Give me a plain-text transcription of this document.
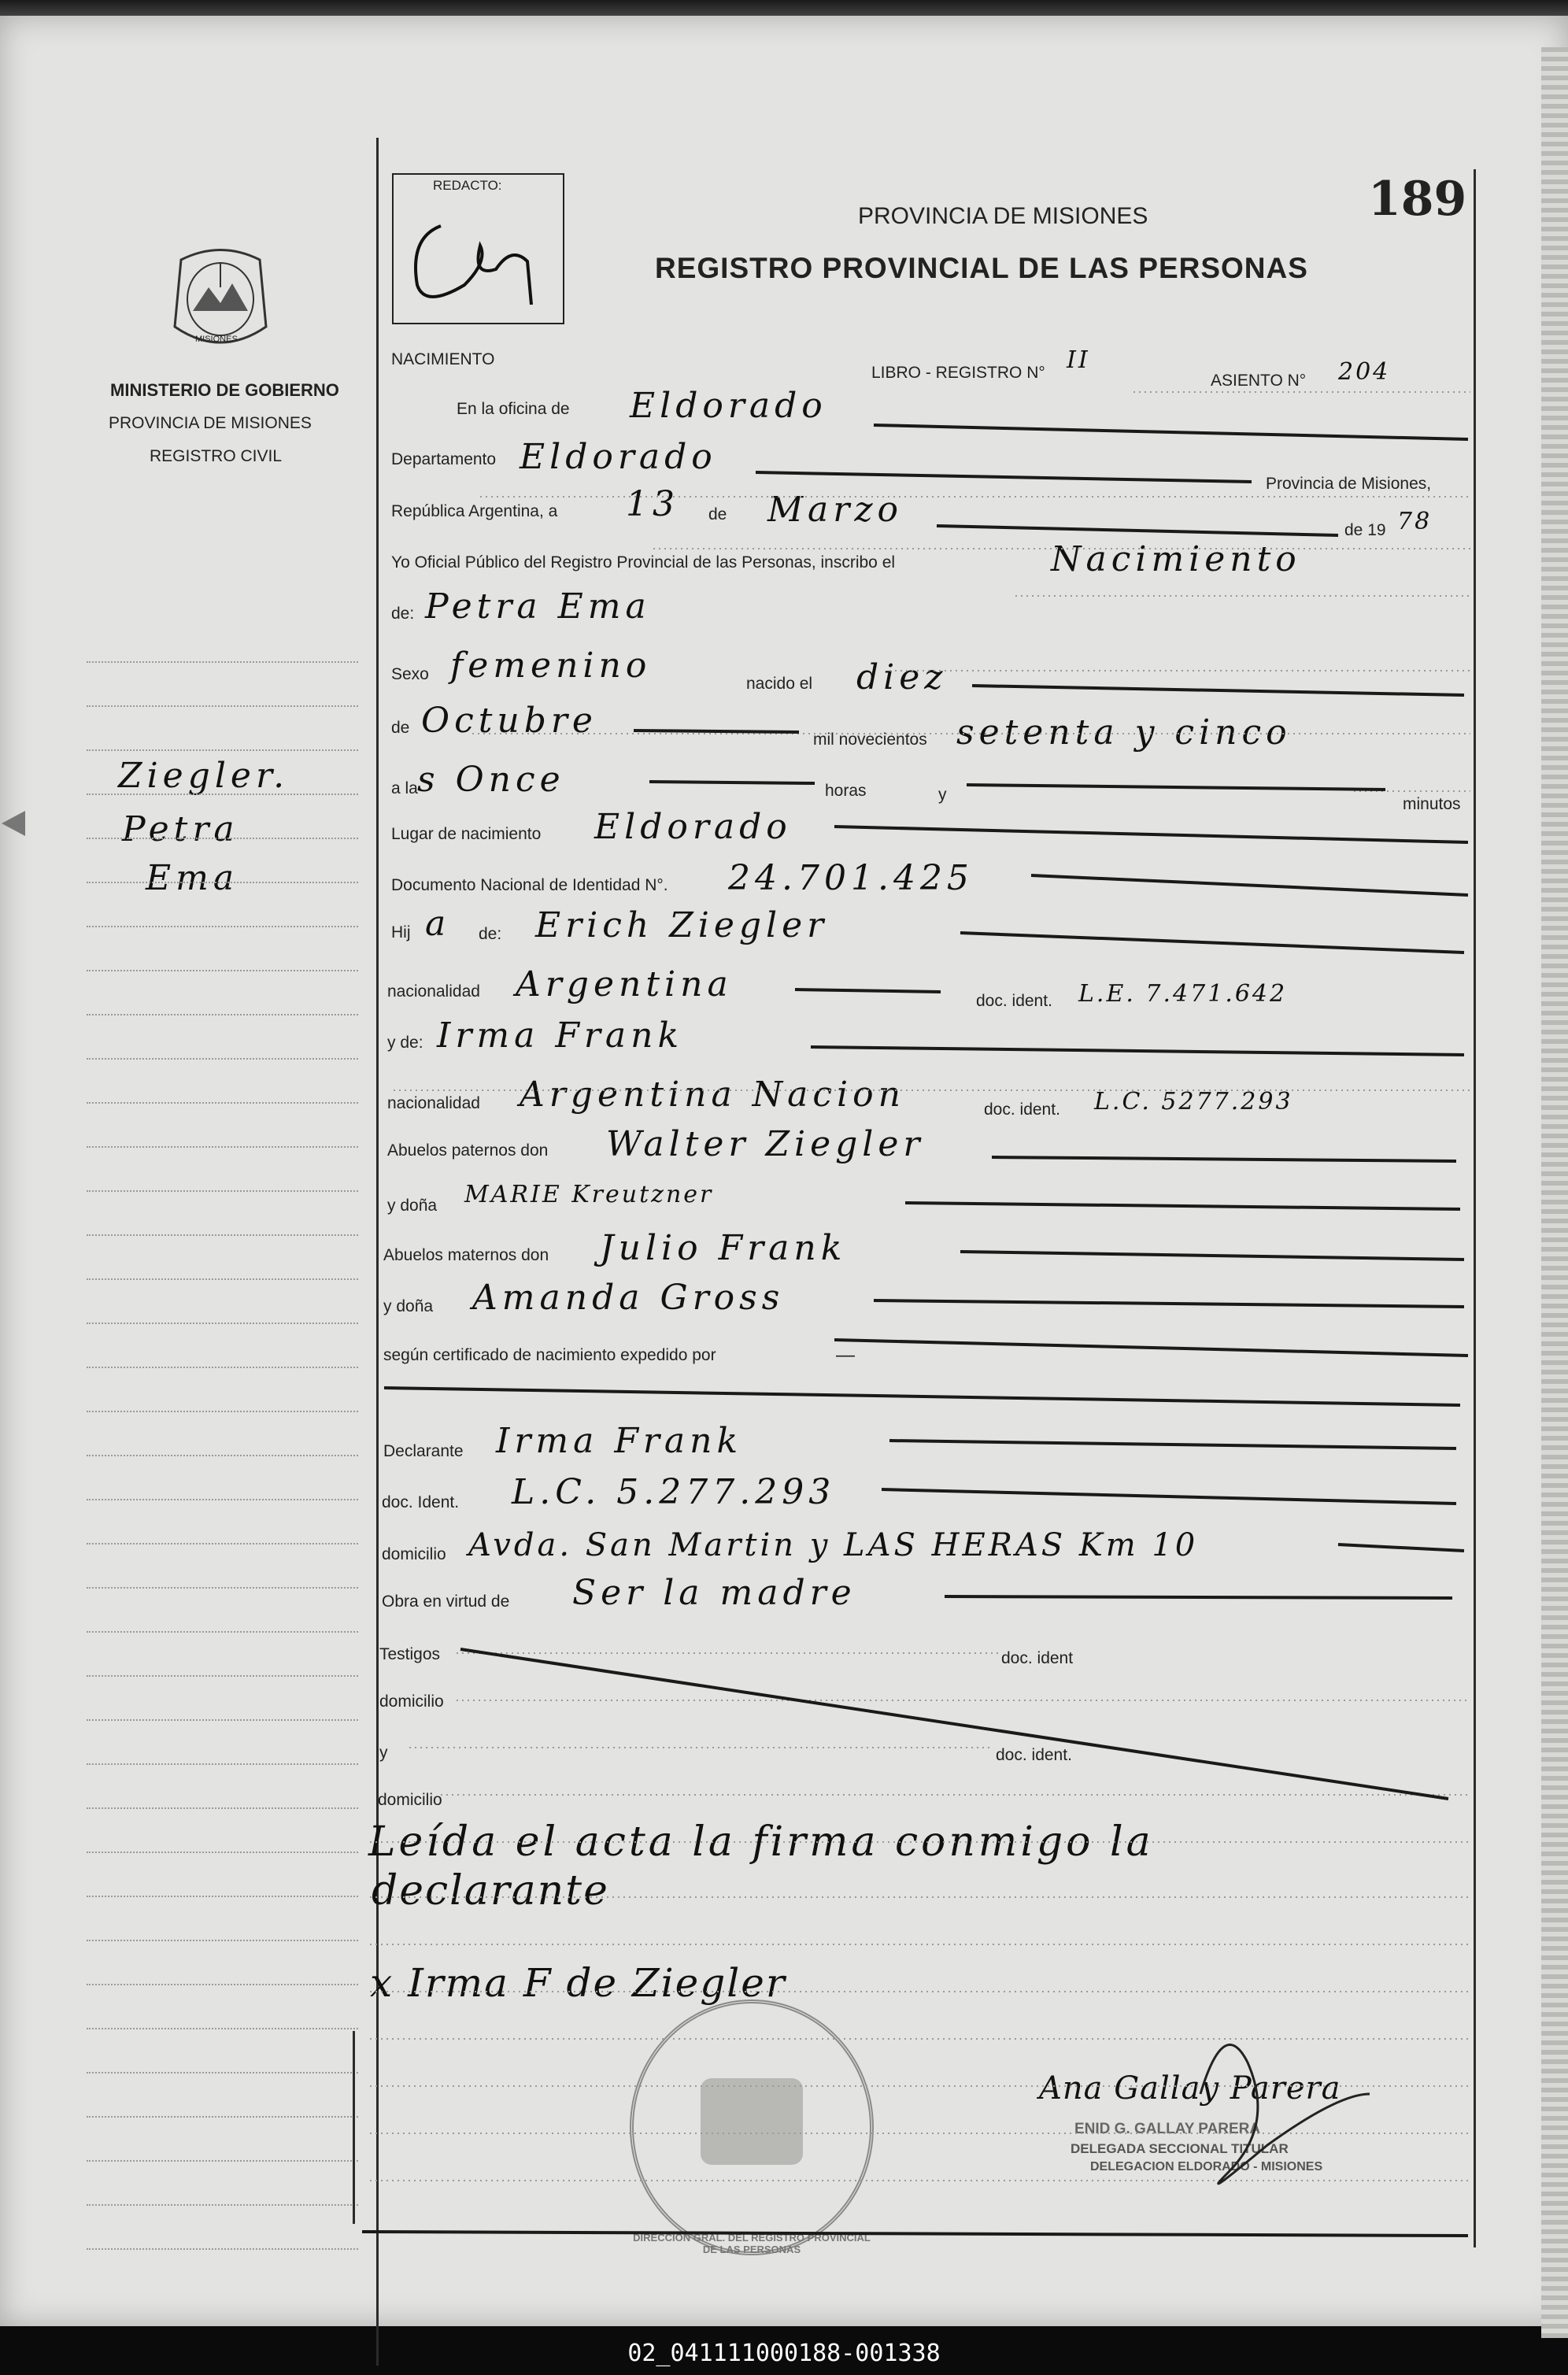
MISIONES
MINISTERIO DE GOBIERNO
PROVINCIA DE MISIONES
REGISTRO CIVIL
Ziegler.
Petra
Ema
REDACTO:
PROVINCIA DE MISIONES
REGISTRO PROVINCIAL DE LAS PERSONAS
189
NACIMIENTO
LIBRO - REGISTRO N° II
ASIENTO N° 204
En la oficina de Eldorado
Departamento Eldorado
Provincia de Misiones,
República Argentina, a 13 de Marzo
de 19 78
Yo Oficial Público del Registro Provincial de las Personas, inscribo el	Nacimiento
de: Petra Ema
Sexo femenino	nacido el diez
de Octubre	mil novecientos setenta y cinco
a la s Once	horas	y
minutos
Lugar de nacimiento Eldorado
Documento Nacional de Identidad N°. 24.701.425
Hij a de: Erich Ziegler
nacionalidad Argentina	doc. ident. L.E. 7.471.642
y de: Irma Frank
nacionalidad Argentina Nacion	doc. ident. L.C. 5277.293
Abuelos paternos don Walter Ziegler
y doña MARIE Kreutzner
Abuelos maternos don Julio Frank
y doña Amanda Gross
según certificado de nacimiento expedido por	—
Declarante Irma Frank
doc. Ident. L.C. 5.277.293
domicilio Avda. San Martin y LAS HERAS Km 10
Obra en virtud de Ser la madre
Testigos	doc. ident
domicilio
y	doc. ident.
domicilio
Leída el acta la firma conmigo la
declarante
x Irma F de Ziegler
Ana Gallay Parera
DIRECCION GRAL. DEL REGISTRO PROVINCIAL DE LAS PERSONAS
ENID G. GALLAY PARERA
DELEGADA SECCIONAL TITULAR
DELEGACION ELDORADO - MISIONES
02_041111000188-001338
